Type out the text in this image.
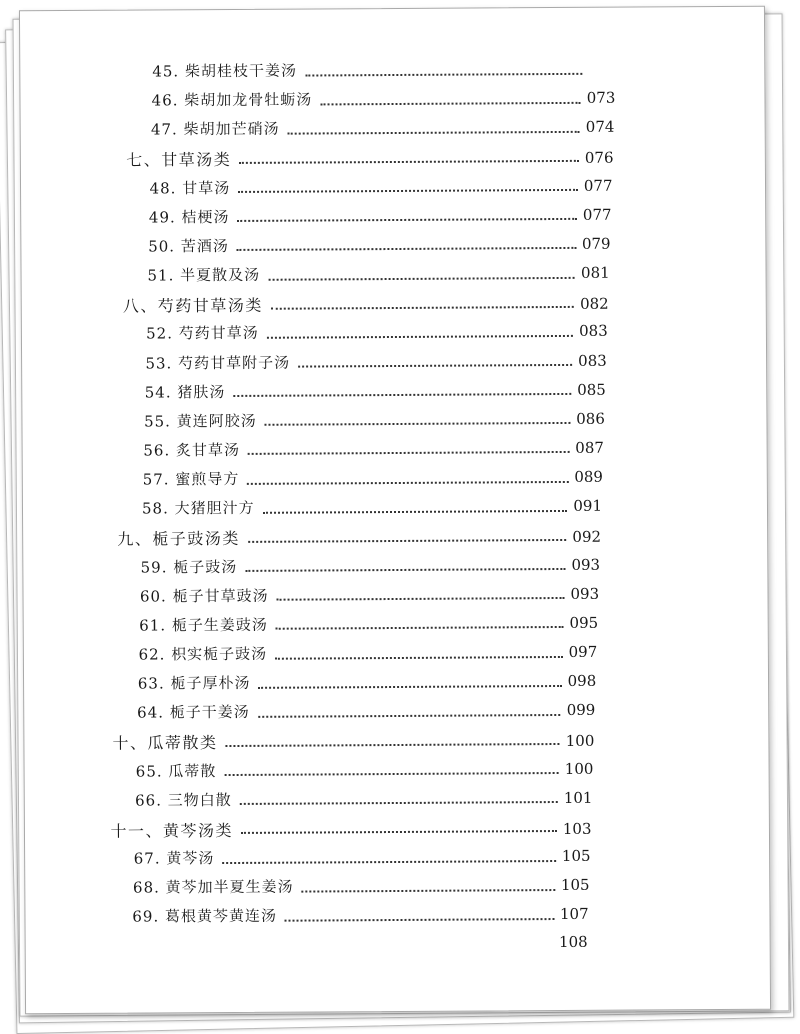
45. 柴胡桂枝干姜汤
46. 柴胡加龙骨牡蛎汤	073
47. 柴胡加芒硝汤	074
七、甘草汤类	076
48. 甘草汤	077
49. 桔梗汤	077
50. 苦酒汤	079
51. 半夏散及汤	081
八、芍药甘草汤类	082
52. 芍药甘草汤	083
53. 芍药甘草附子汤	083
54. 猪肤汤	085
55. 黄连阿胶汤	086
56. 炙甘草汤	087
57. 蜜煎导方	089
58. 大猪胆汁方	091
九、栀子豉汤类	092
59. 栀子豉汤	093
60. 栀子甘草豉汤	093
61. 栀子生姜豉汤	095
62. 枳实栀子豉汤	097
63. 栀子厚朴汤	098
64. 栀子干姜汤	099
十、瓜蒂散类	100
65. 瓜蒂散	100
66. 三物白散	101
十一、黄芩汤类	103
67. 黄芩汤	105
68. 黄芩加半夏生姜汤	105
69. 葛根黄芩黄连汤	107
108
